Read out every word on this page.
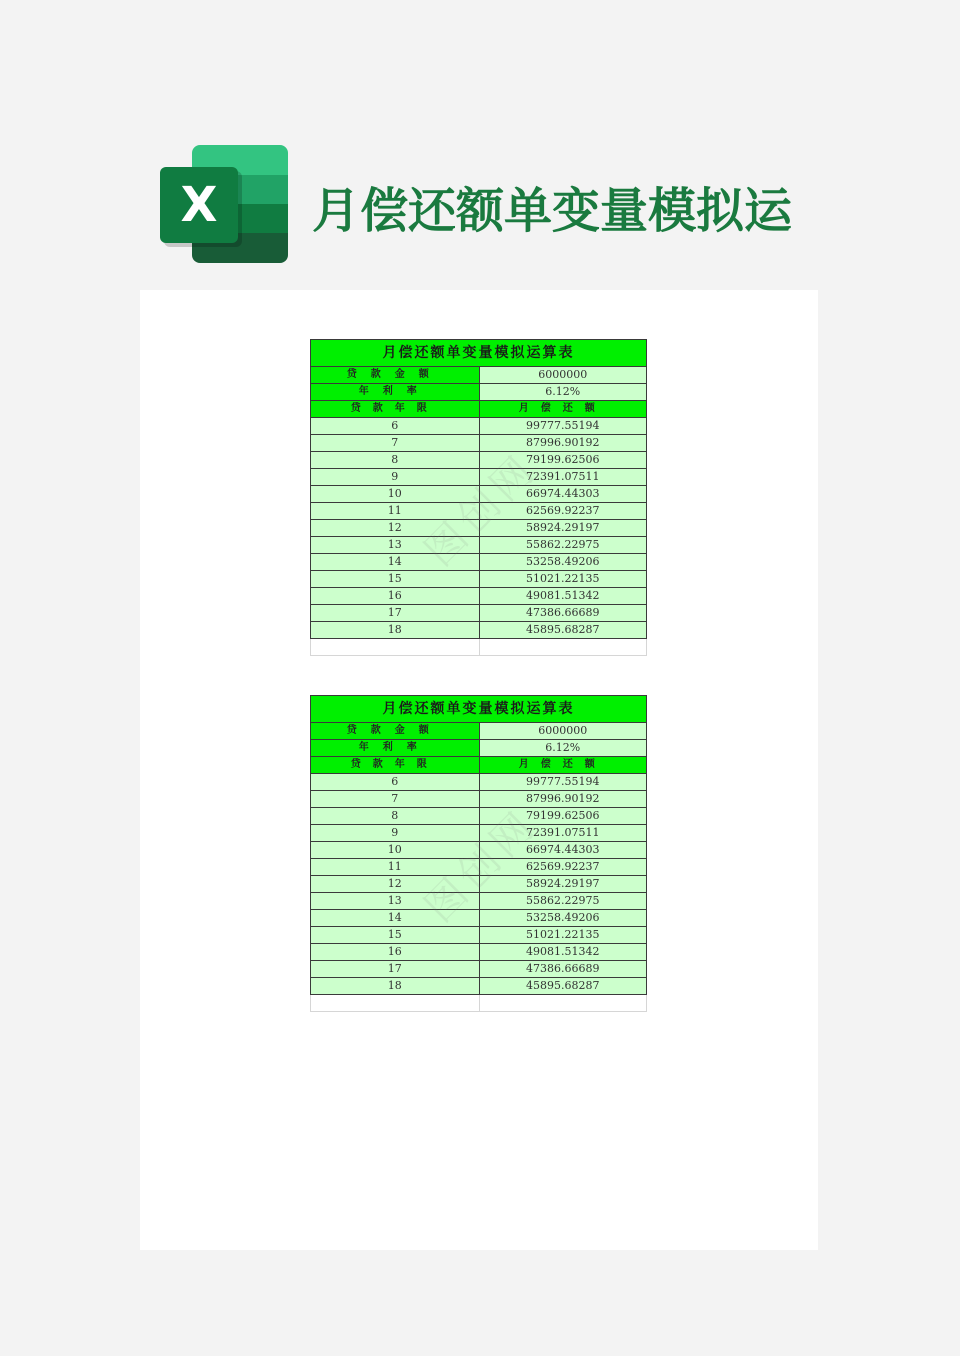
X	月偿还额单变量模拟运
月偿还额单变量模拟运算表	
贷款金额	6000000
年利率	6.12%
贷款年限	月偿还额
6	99777.55194
7	87996.90192
8	79199.62506
9	72391.07511
10	66974.44303
11	62569.92237
12	58924.29197
13	55862.22975
14	53258.49206
15	51021.22135
16	49081.51342
17	47386.66689
18	45895.68287

月偿还额单变量模拟运算表	
贷款金额	6000000
年利率	6.12%
贷款年限	月偿还额
6	99777.55194
7	87996.90192
8	79199.62506
9	72391.07511
10	66974.44303
11	62569.92237
12	58924.29197
13	55862.22975
14	53258.49206
15	51021.22135
16	49081.51342
17	47386.66689
18	45895.68287
